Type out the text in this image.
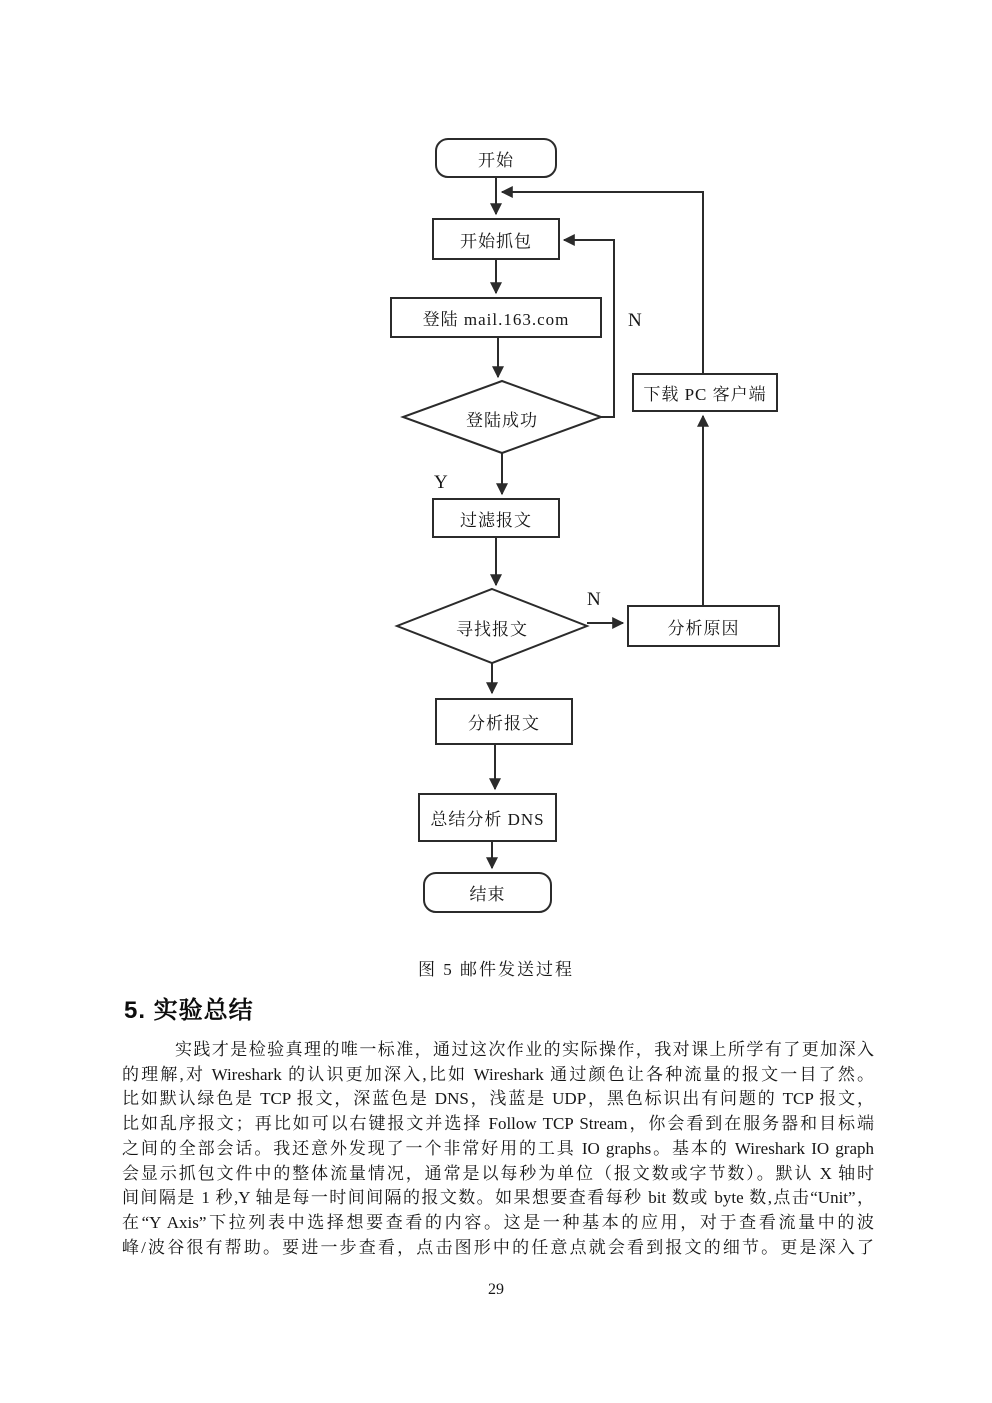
开始
开始抓包
登陆 mail.163.com
登陆成功
过滤报文
寻找报文
分析报文
总结分析 DNS
结束
下载 PC 客户端
分析原因
N
Y
N
图 5 邮件发送过程
5. 实验总结
实践才是检验真理的唯一标准，通过这次作业的实际操作，我对课上所学有了更加深入
的理解,对 Wireshark 的认识更加深入,比如 Wireshark 通过颜色让各种流量的报文一目了然。
比如默认绿色是 TCP 报文，深蓝色是 DNS，浅蓝是 UDP，黑色标识出有问题的 TCP 报文，
比如乱序报文；再比如可以右键报文并选择 Follow TCP Stream，你会看到在服务器和目标端
之间的全部会话。我还意外发现了一个非常好用的工具 IO graphs。基本的 Wireshark IO graph
会显示抓包文件中的整体流量情况，通常是以每秒为单位（报文数或字节数）。默认 X 轴时
间间隔是 1 秒,Y 轴是每一时间间隔的报文数。如果想要查看每秒 bit 数或 byte 数,点击“Unit”，
在“Y Axis”下拉列表中选择想要查看的内容。这是一种基本的应用，对于查看流量中的波
峰/波谷很有帮助。要进一步查看，点击图形中的任意点就会看到报文的细节。更是深入了
29
